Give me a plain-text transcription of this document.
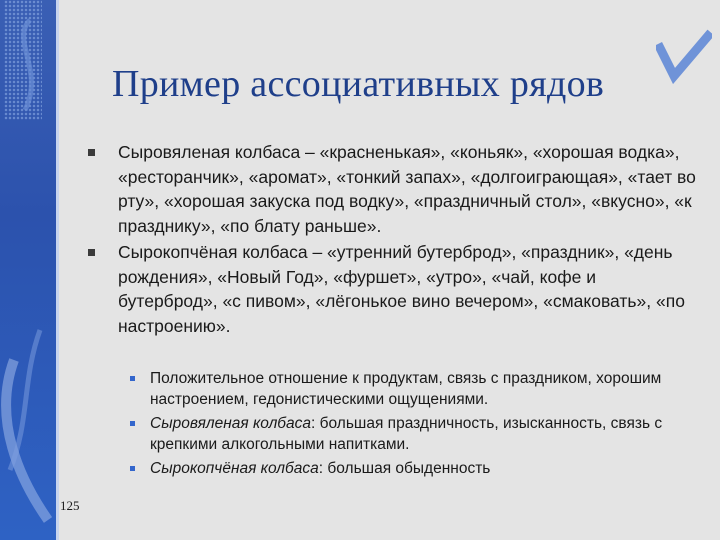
Пример ассоциативных рядов
Сыровяленая колбаса – «красненькая», «коньяк», «хорошая водка», «ресторанчик», «аромат», «тонкий запах», «долгоиграющая», «тает во рту», «хорошая закуска под водку», «праздничный стол», «вкусно», «к празднику», «по блату раньше».
Сырокопчёная колбаса – «утренний бутерброд», «праздник», «день рождения», «Новый Год», «фуршет», «утро», «чай, кофе и бутерброд», «с пивом», «лёгонькое вино вечером», «смаковать», «по настроению».
Положительное отношение к продуктам, связь с праздником, хорошим настроением, гедонистическими ощущениями.
Сыровяленая колбаса: большая праздничность, изысканность, связь с крепкими алкогольными напитками.
Сырокопчёная колбаса: большая обыденность
125
